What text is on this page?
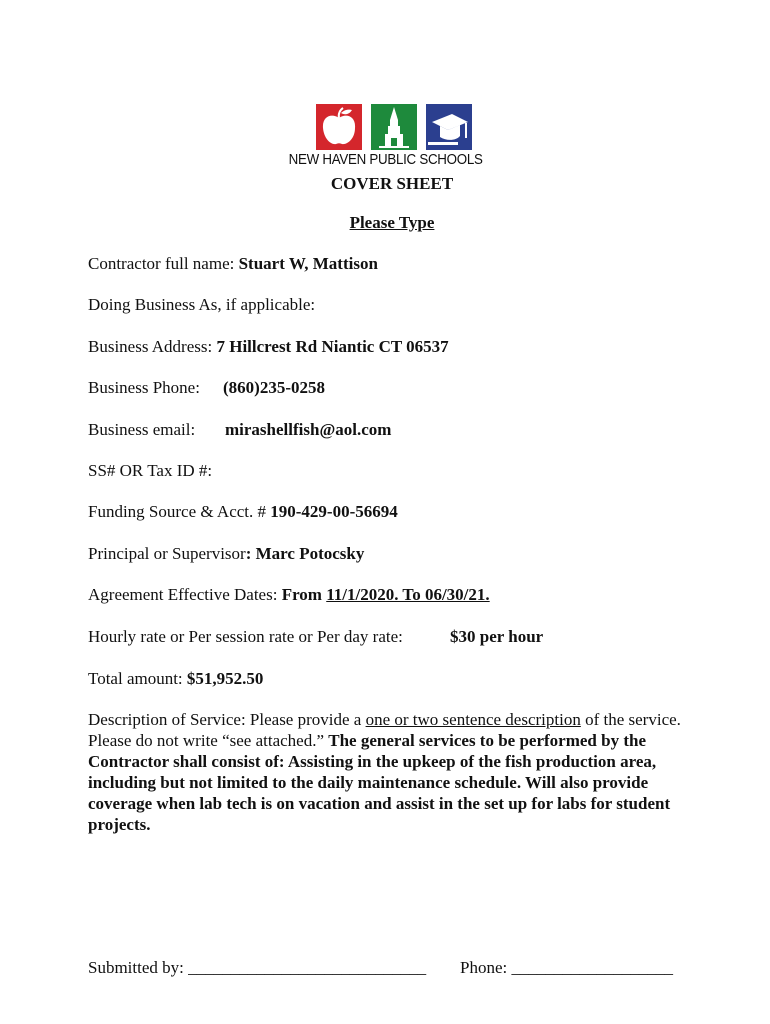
NEW HAVEN PUBLIC SCHOOLS
COVER SHEET
Please Type
Contractor full name: Stuart W, Mattison
Doing Business As, if applicable:
Business Address: 7 Hillcrest Rd Niantic CT 06537
Business Phone: (860)235-0258
Business email: mirashellfish@aol.com
SS# OR Tax ID #:
Funding Source & Acct. # 190-429-00-56694
Principal or Supervisor: Marc Potocsky
Agreement Effective Dates: From 11/1/2020. To 06/30/21.
Hourly rate or Per session rate or Per day rate:	$30 per hour
Total amount: $51,952.50
Description of Service: Please provide a one or two sentence description of the service. Please do not write “see attached.” The general services to be performed by the Contractor shall consist of: Assisting in the upkeep of the fish production area, including but not limited to the daily maintenance schedule. Will also provide coverage when lab tech is on vacation and assist in the set up for labs for student projects.
Submitted by: ____________________________ Phone: ___________________
